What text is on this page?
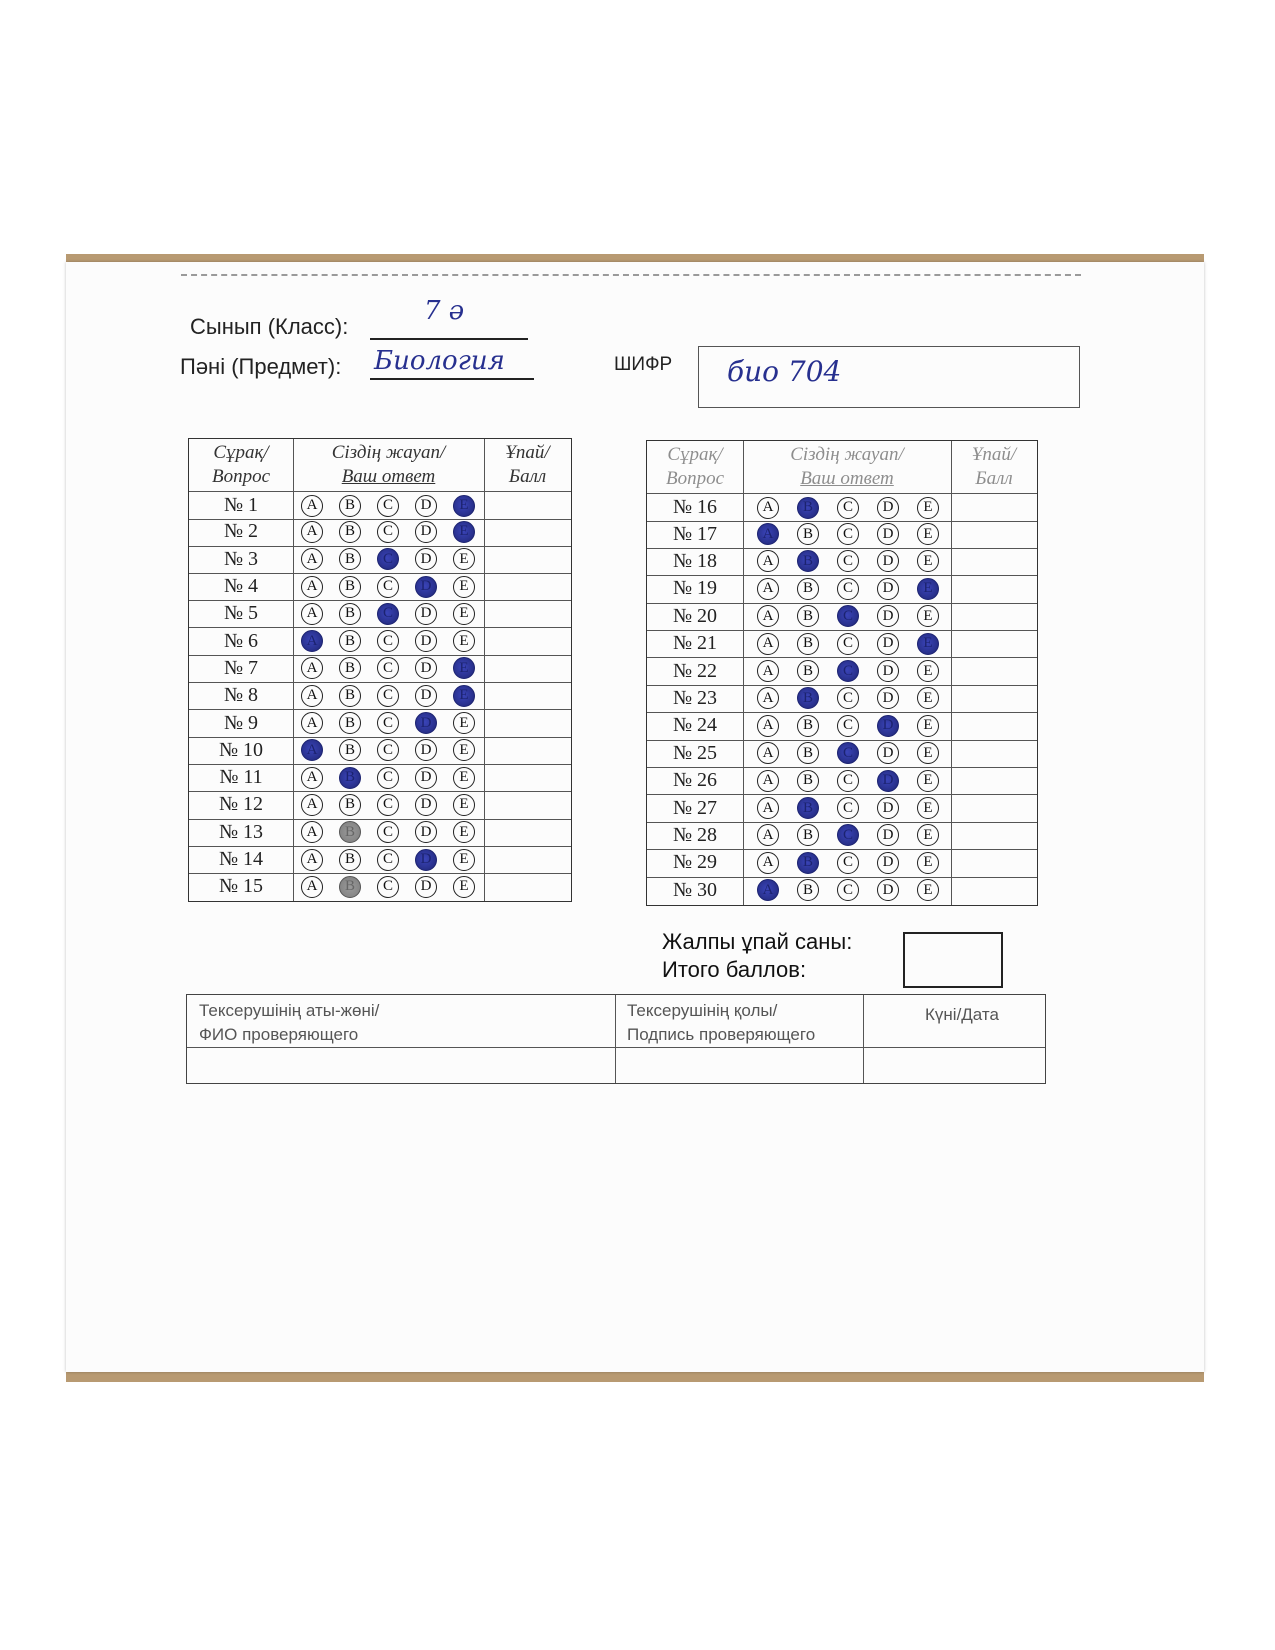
Сынып (Класс):
7 ә
Пәні (Предмет): Биология	ШИФР био 704
Сұрақ/
Вопрос
Сіздің жауап/
Ваш ответ
Ұпай/
Балл
№ 1	A	B	C	D	E
№ 2	A	B	C	D	E
№ 3	A	B	C	D	E
№ 4	A	B	C	D	E
№ 5	A	B	C	D	E
№ 6	A	B	C	D	E
№ 7	A	B	C	D	E
№ 8	A	B	C	D	E
№ 9	A	B	C	D	E
№ 10	A	B	C	D	E
№ 11	A	B	C	D	E
№ 12	A	B	C	D	E
№ 13	A	B	C	D	E
№ 14	A	B	C	D	E
№ 15	A	B	C	D	E
Сұрақ/
Вопрос
Сіздің жауап/
Ваш ответ
Ұпай/
Балл
№ 16	A	B	C	D	E
№ 17	A	B	C	D	E
№ 18	A	B	C	D	E
№ 19	A	B	C	D	E
№ 20	A	B	C	D	E
№ 21	A	B	C	D	E
№ 22	A	B	C	D	E
№ 23	A	B	C	D	E
№ 24	A	B	C	D	E
№ 25	A	B	C	D	E
№ 26	A	B	C	D	E
№ 27	A	B	C	D	E
№ 28	A	B	C	D	E
№ 29	A	B	C	D	E
№ 30	A	B	C	D	E
Жалпы ұпай саны:
Итого баллов:
Тексерушінің аты-жөні/
ФИО проверяющего
Тексерушінің қолы/
Подпись проверяющего
Күні/Дата
